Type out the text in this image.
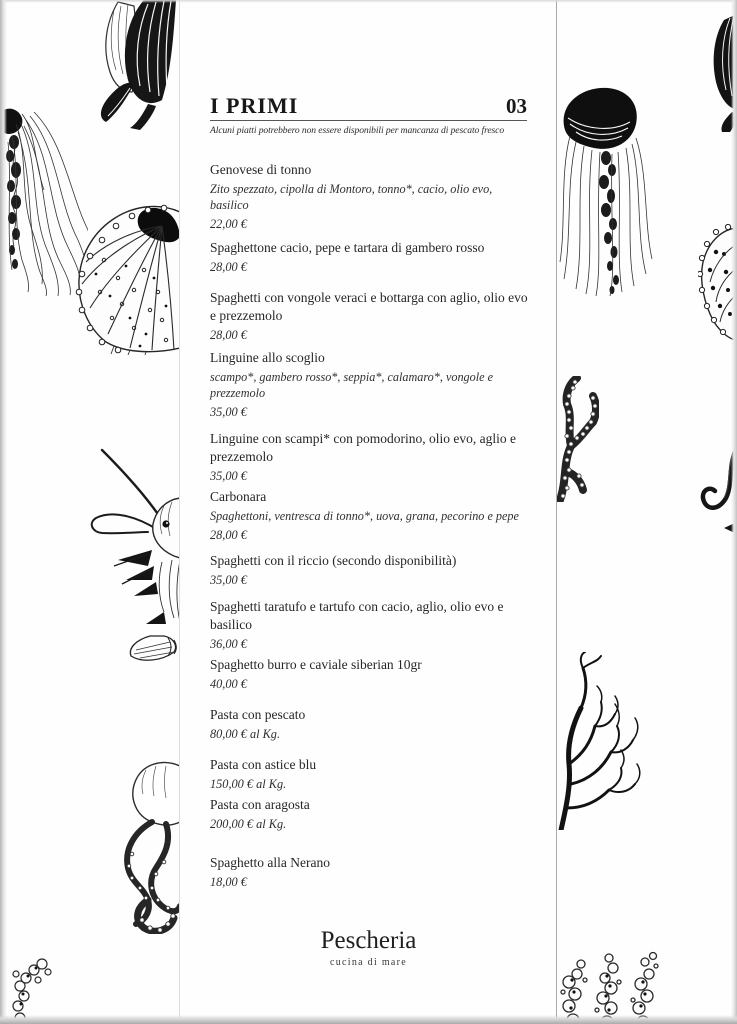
I PRIMI	03
Alcuni piatti potrebbero non essere disponibili per mancanza di pescato fresco
Genovese di tonno
Zito spezzato, cipolla di Montoro, tonno*, cacio, olio evo, basilico
22,00 €
Spaghettone cacio, pepe e tartara di gambero rosso
28,00 €
Spaghetti con vongole veraci e bottarga con aglio, olio evo e prezzemolo
28,00 €
Linguine allo scoglio
scampo*, gambero rosso*, seppia*, calamaro*, vongole e prezzemolo
35,00 €
Linguine con scampi* con pomodorino, olio evo, aglio e prezzemolo
35,00 €
Carbonara
Spaghettoni, ventresca di tonno*, uova, grana, pecorino e pepe
28,00 €
Spaghetti con il riccio (secondo disponibilità)
35,00 €
Spaghetti taratufo e tartufo con cacio, aglio, olio evo e basilico
36,00 €
Spaghetto burro e caviale siberian 10gr
40,00 €
Pasta con pescato
80,00 € al Kg.
Pasta con astice blu
150,00 € al Kg.
Pasta con aragosta
200,00 € al Kg.
Spaghetto alla Nerano
18,00 €
Pescheria
cucina di mare
